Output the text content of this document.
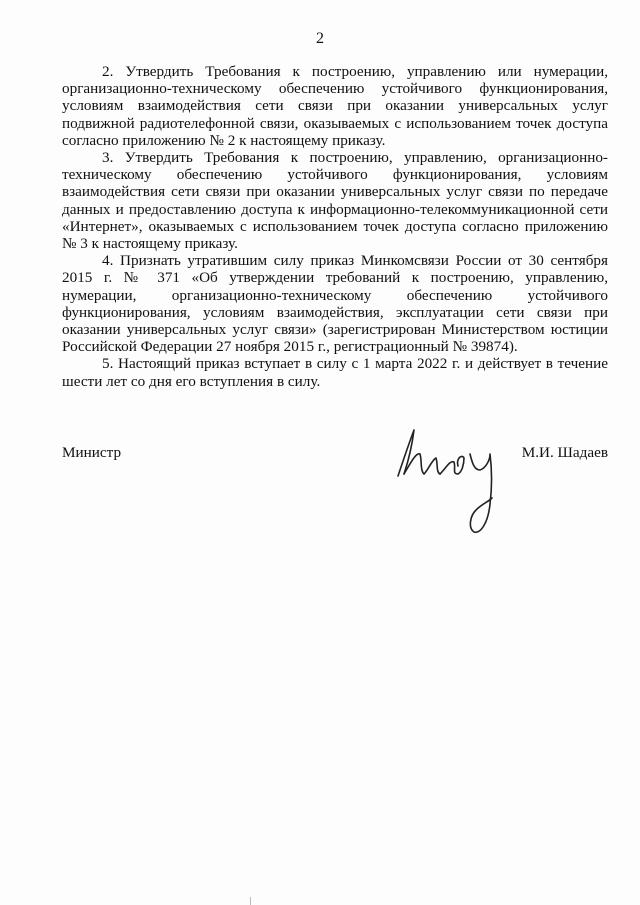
2

2. Утвердить Требования к построению, управлению или нумерации, организационно-техническому обеспечению устойчивого функционирования, условиям взаимодействия сети связи при оказании универсальных услуг подвижной радиотелефонной связи, оказываемых с использованием точек доступа согласно приложению № 2 к настоящему приказу.

3. Утвердить Требования к построению, управлению, организационно-техническому обеспечению устойчивого функционирования, условиям взаимодействия сети связи при оказании универсальных услуг связи по передаче данных и предоставлению доступа к информационно-телекоммуникационной сети «Интернет», оказываемых с использованием точек доступа согласно приложению № 3 к настоящему приказу.

4. Признать утратившим силу приказ Минкомсвязи России от 30 сентября 2015 г. № 371 «Об утверждении требований к построению, управлению, нумерации, организационно-техническому обеспечению устойчивого функционирования, условиям взаимодействия, эксплуатации сети связи при оказании универсальных услуг связи» (зарегистрирован Министерством юстиции Российской Федерации 27 ноября 2015 г., регистрационный № 39874).

5. Настоящий приказ вступает в силу с 1 марта 2022 г. и действует в течение шести лет со дня его вступления в силу.

Министр	М.И. Шадаев
